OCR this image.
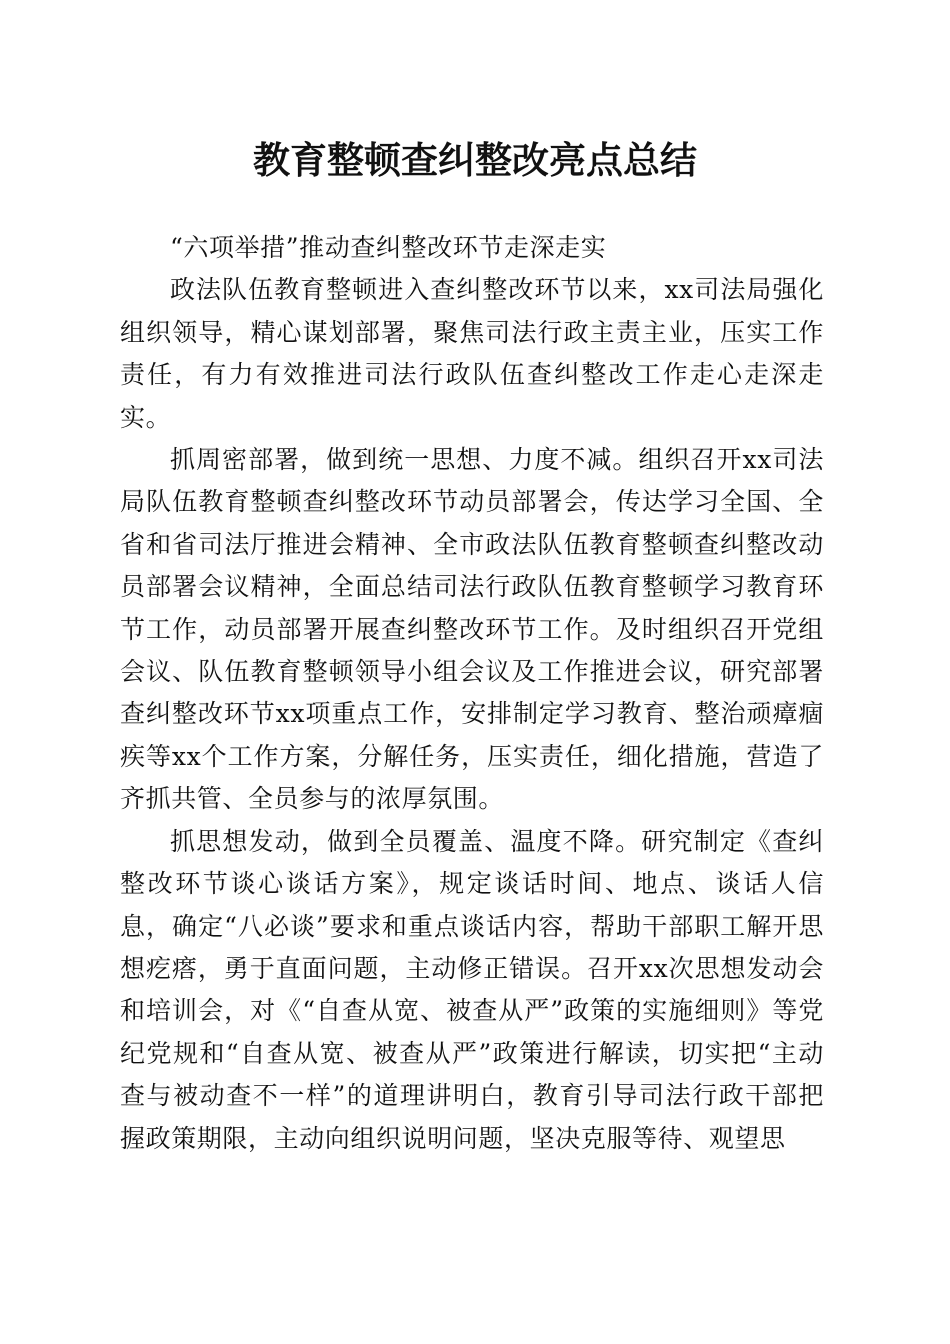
教育整顿查纠整改亮点总结

“六项举措”推动查纠整改环节走深走实

政法队伍教育整顿进入查纠整改环节以来，xx司法局强化组织领导，精心谋划部署，聚焦司法行政主责主业，压实工作责任，有力有效推进司法行政队伍查纠整改工作走心走深走实。

抓周密部署，做到统一思想、力度不减。组织召开xx司法局队伍教育整顿查纠整改环节动员部署会，传达学习全国、全省和省司法厅推进会精神、全市政法队伍教育整顿查纠整改动员部署会议精神，全面总结司法行政队伍教育整顿学习教育环节工作，动员部署开展查纠整改环节工作。及时组织召开党组会议、队伍教育整顿领导小组会议及工作推进会议，研究部署查纠整改环节xx项重点工作，安排制定学习教育、整治顽瘴痼疾等xx个工作方案，分解任务，压实责任，细化措施，营造了齐抓共管、全员参与的浓厚氛围。

抓思想发动，做到全员覆盖、温度不降。研究制定《查纠整改环节谈心谈话方案》，规定谈话时间、地点、谈话人信息，确定“八必谈”要求和重点谈话内容，帮助干部职工解开思想疙瘩，勇于直面问题，主动修正错误。召开xx次思想发动会和培训会，对《“自查从宽、被查从严”政策的实施细则》等党纪党规和“自查从宽、被查从严”政策进行解读，切实把“主动查与被动查不一样”的道理讲明白，教育引导司法行政干部把握政策期限，主动向组织说明问题，坚决克服等待、观望思
